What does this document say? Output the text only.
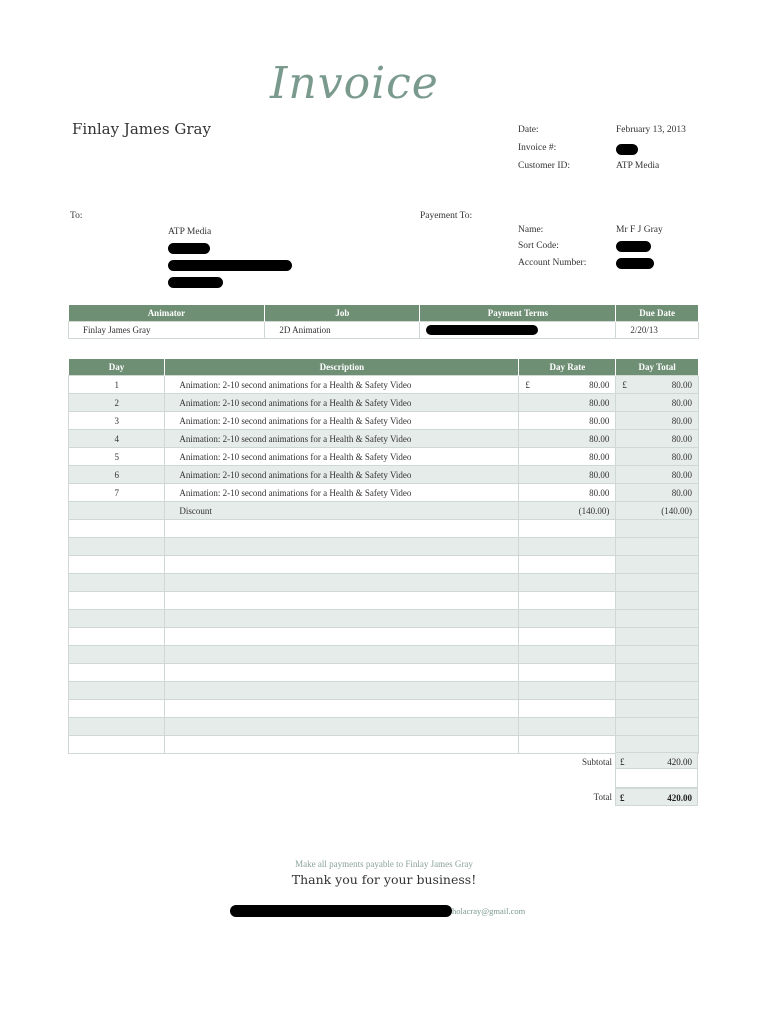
Invoice
Finlay James Gray	Date:	February 13, 2013
Invoice #:
Customer ID:	ATP Media
To:
ATP Media
Payement To:
Name:	Mr F J Gray
Sort Code:
Account Number:
Animator	Job	Payment Terms	Due Date
Finlay James Gray	2D Animation		2/20/13
Day	Description	Day Rate	Day Total
1	Animation: 2-10 second animations for a Health & Safety Video	£ 80.00	£ 80.00
2	Animation: 2-10 second animations for a Health & Safety Video	80.00	80.00
3	Animation: 2-10 second animations for a Health & Safety Video	80.00	80.00
4	Animation: 2-10 second animations for a Health & Safety Video	80.00	80.00
5	Animation: 2-10 second animations for a Health & Safety Video	80.00	80.00
6	Animation: 2-10 second animations for a Health & Safety Video	80.00	80.00
7	Animation: 2-10 second animations for a Health & Safety Video	80.00	80.00
	Discount	(140.00)	(140.00)

Subtotal £	420.00
Total £	420.00
Make all payments payable to Finlay James Gray
Thank you for your business!
holacray@gmail.com
